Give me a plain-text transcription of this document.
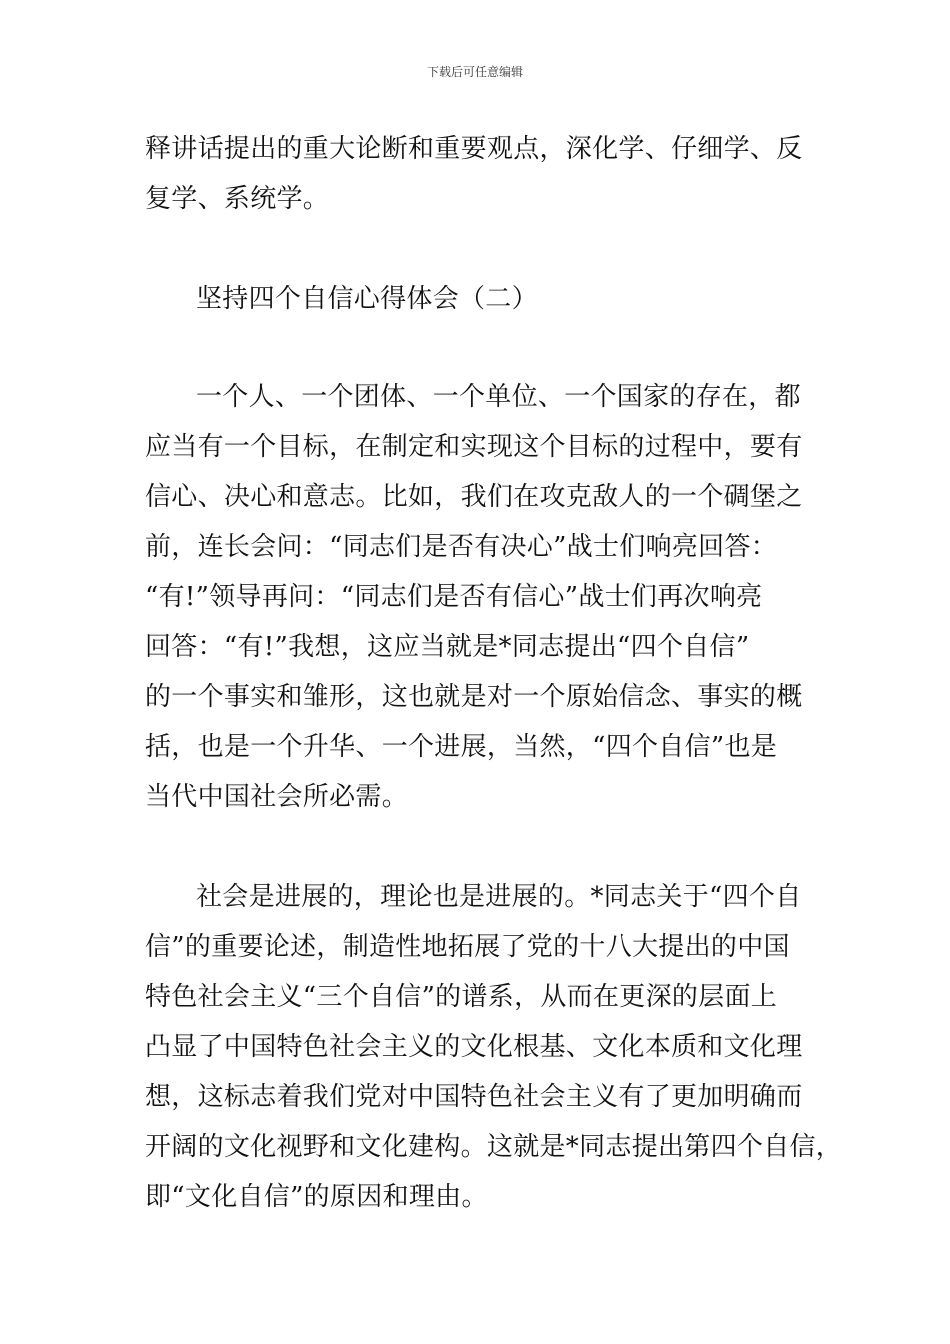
下载后可任意编辑
释讲话提出的重大论断和重要观点，深化学、仔细学、反
复学、系统学。
坚持四个自信心得体会（二）
一个人、一个团体、一个单位、一个国家的存在，都
应当有一个目标，在制定和实现这个目标的过程中，要有
信心、决心和意志。比如，我们在攻克敌人的一个碉堡之
前，连长会问：“同志们是否有决心”战士们响亮回答：
“有!”领导再问：“同志们是否有信心”战士们再次响亮
回答：“有!”我想，这应当就是*同志提出“四个自信”
的一个事实和雏形，这也就是对一个原始信念、事实的概
括，也是一个升华、一个进展，当然，“四个自信”也是
当代中国社会所必需。
社会是进展的，理论也是进展的。*同志关于“四个自
信”的重要论述，制造性地拓展了党的十八大提出的中国
特色社会主义“三个自信”的谱系，从而在更深的层面上
凸显了中国特色社会主义的文化根基、文化本质和文化理
想，这标志着我们党对中国特色社会主义有了更加明确而
开阔的文化视野和文化建构。这就是*同志提出第四个自信，
即“文化自信”的原因和理由。
